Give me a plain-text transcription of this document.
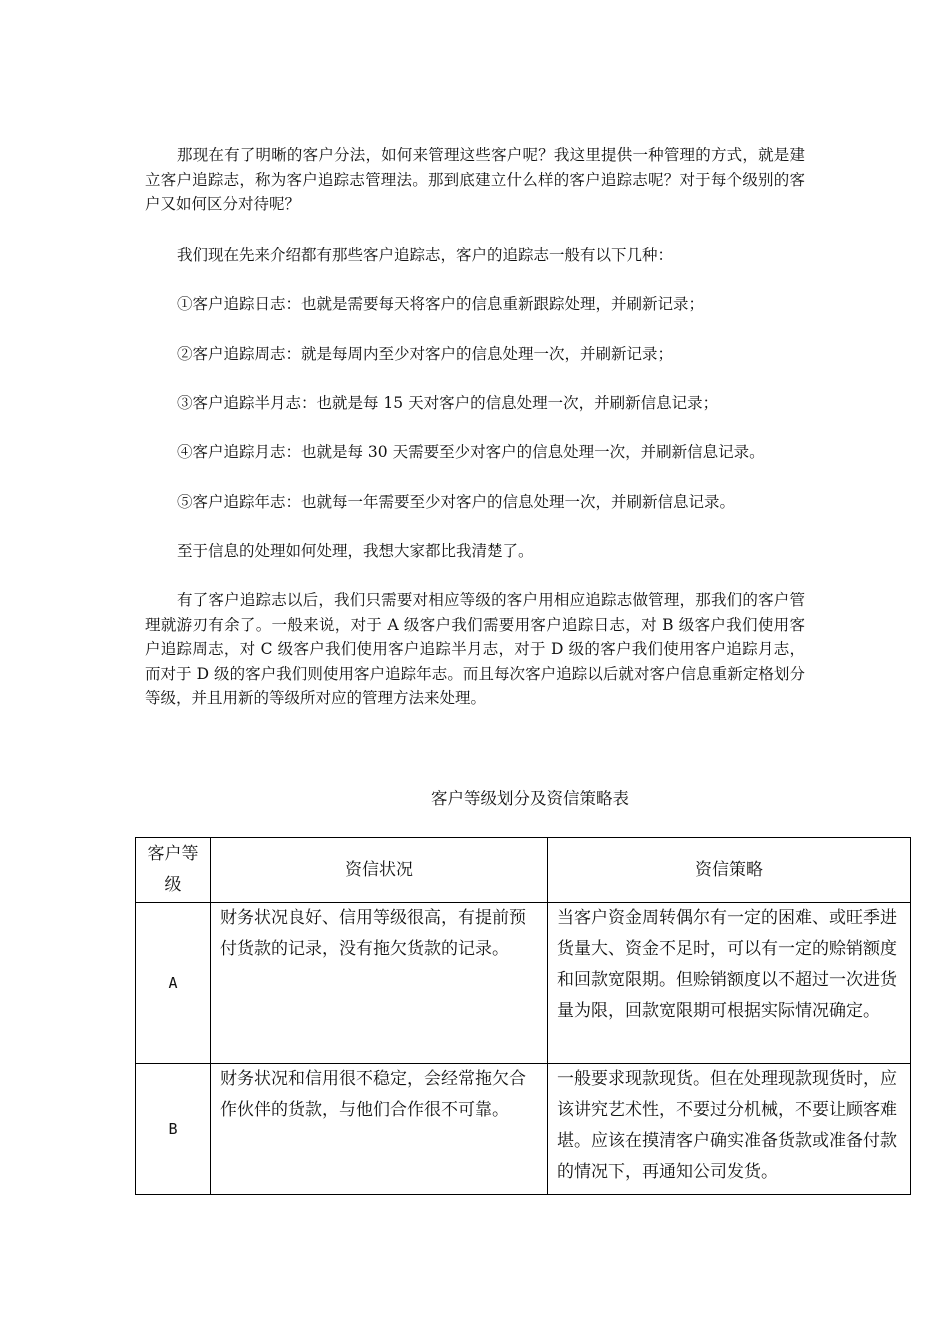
那现在有了明晰的客户分法，如何来管理这些客户呢？我这里提供一种管理的方式，就是建立客户追踪志，称为客户追踪志管理法。那到底建立什么样的客户追踪志呢？对于每个级别的客户又如何区分对待呢？

我们现在先来介绍都有那些客户追踪志，客户的追踪志一般有以下几种：
①客户追踪日志：也就是需要每天将客户的信息重新跟踪处理，并刷新记录；
②客户追踪周志：就是每周内至少对客户的信息处理一次，并刷新记录；
③客户追踪半月志：也就是每 15 天对客户的信息处理一次，并刷新信息记录；
④客户追踪月志：也就是每 30 天需要至少对客户的信息处理一次，并刷新信息记录。
⑤客户追踪年志：也就每一年需要至少对客户的信息处理一次，并刷新信息记录。
至于信息的处理如何处理，我想大家都比我清楚了。

有了客户追踪志以后，我们只需要对相应等级的客户用相应追踪志做管理，那我们的客户管理就游刃有余了。一般来说，对于 A 级客户我们需要用客户追踪日志，对 B 级客户我们使用客户追踪周志，对 C 级客户我们使用客户追踪半月志，对于 D 级的客户我们使用客户追踪月志，而对于 D 级的客户我们则使用客户追踪年志。而且每次客户追踪以后就对客户信息重新定格划分等级，并且用新的等级所对应的管理方法来处理。

客户等级划分及资信策略表
客户等级	资信状况	资信策略
A	财务状况良好、信用等级很高，有提前预付货款的记录，没有拖欠货款的记录。	当客户资金周转偶尔有一定的困难、或旺季进货量大、资金不足时，可以有一定的赊销额度和回款宽限期。但赊销额度以不超过一次进货量为限，回款宽限期可根据实际情况确定。
B	财务状况和信用很不稳定，会经常拖欠合作伙伴的货款，与他们合作很不可靠。	一般要求现款现货。但在处理现款现货时，应该讲究艺术性，不要过分机械，不要让顾客难堪。应该在摸清客户确实准备货款或准备付款的情况下，再通知公司发货。
